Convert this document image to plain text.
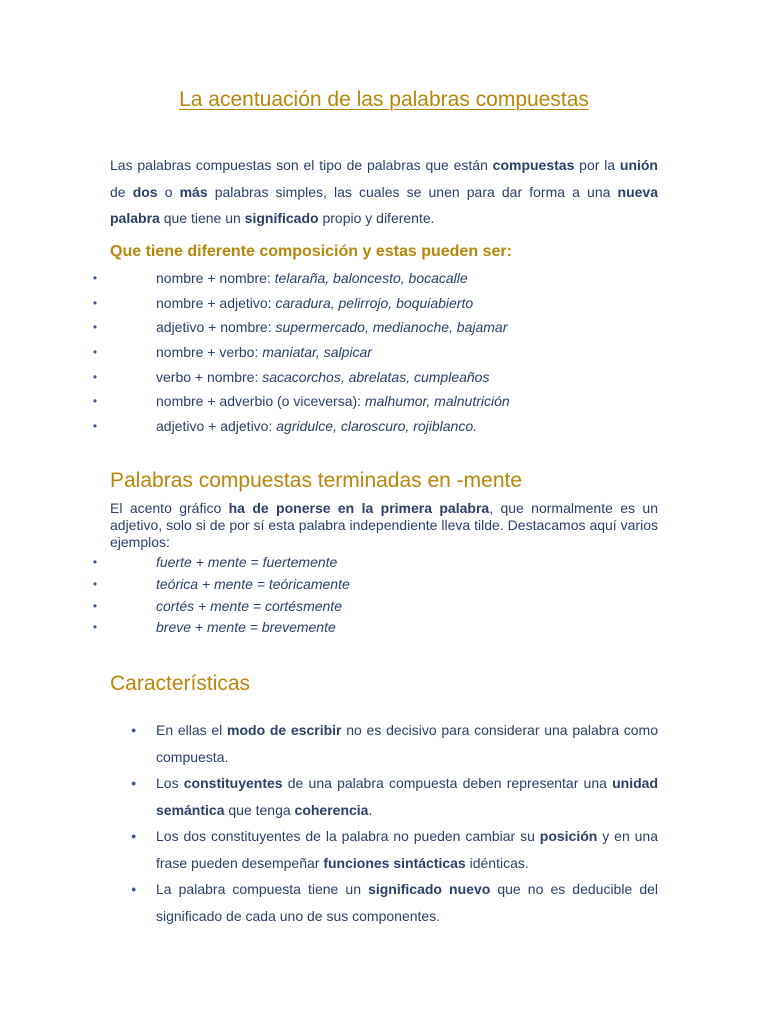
La acentuación de las palabras compuestas

Las palabras compuestas son el tipo de palabras que están compuestas por la unión de dos o más palabras simples, las cuales se unen para dar forma a una nueva palabra que tiene un significado propio y diferente.

Que tiene diferente composición y estas pueden ser:
•	nombre + nombre: telaraña, baloncesto, bocacalle
•	nombre + adjetivo: caradura, pelirrojo, boquiabierto
•	adjetivo + nombre: supermercado, medianoche, bajamar
•	nombre + verbo: maniatar, salpicar
•	verbo + nombre: sacacorchos, abrelatas, cumpleaños
•	nombre + adverbio (o viceversa): malhumor, malnutrición
•	adjetivo + adjetivo: agridulce, claroscuro, rojiblanco.
Palabras compuestas terminadas en -mente

El acento gráfico ha de ponerse en la primera palabra, que normalmente es un adjetivo, solo si de por sí esta palabra independiente lleva tilde. Destacamos aquí varios ejemplos:

•	fuerte + mente = fuertemente
•	teórica + mente = teóricamente
•	cortés + mente = cortésmente
•	breve + mente = brevemente
Características
● En ellas el modo de escribir no es decisivo para considerar una palabra como compuesta.
● Los constituyentes de una palabra compuesta deben representar una unidad semántica que tenga coherencia.
● Los dos constituyentes de la palabra no pueden cambiar su posición y en una frase pueden desempeñar funciones sintácticas idénticas.
● La palabra compuesta tiene un significado nuevo que no es deducible del significado de cada uno de sus componentes.
